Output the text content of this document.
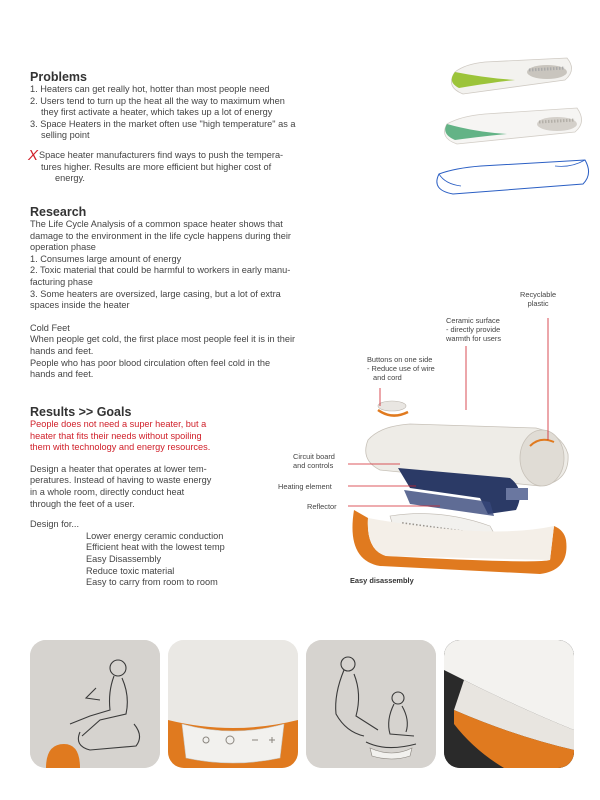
Problems

1. Heaters can get really hot, hotter than most people need
2. Users tend to turn up the heat all the way to maximum when
they first activate a heater, which takes up a lot of energy
3. Space Heaters in the market often use "high temperature" as a
selling point

X Space heater manufacturers find ways to push the tempera-
tures higher. Results are more efficient but higher cost of
energy.

Research

The Life Cycle Analysis of a common space heater shows that
damage to the environment in the life cycle happens during their
operation phase
1. Consumes large amount of energy
2. Toxic material that could be harmful to workers in early manu-
facturing phase
3. Some heaters are oversized, large casing, but a lot of extra
spaces inside the heater

Cold Feet
When people get cold, the first place most people feel it is in their
hands and feet.
People who has poor blood circulation often feel cold in the
hands and feet.

Results >> Goals

People does not need a super heater, but a
heater that fits their needs without spoiling
them with technology and energy resources.

Design a heater that operates at lower tem-
peratures. Instead of having to waste energy
in a whole room, directly conduct heat
through the feet of a user.

Design for...

Lower energy ceramic conduction
Efficient heat with the lowest temp
Easy Disassembly
Reduce toxic material
Easy to carry from room to room

Recyclable
plastic
Ceramic surface
- directly provide
warmth for users
Buttons on one side
- Reduce use of wire
and cord
Circuit board
and controls
Heating element
Reflector
Easy disassembly
